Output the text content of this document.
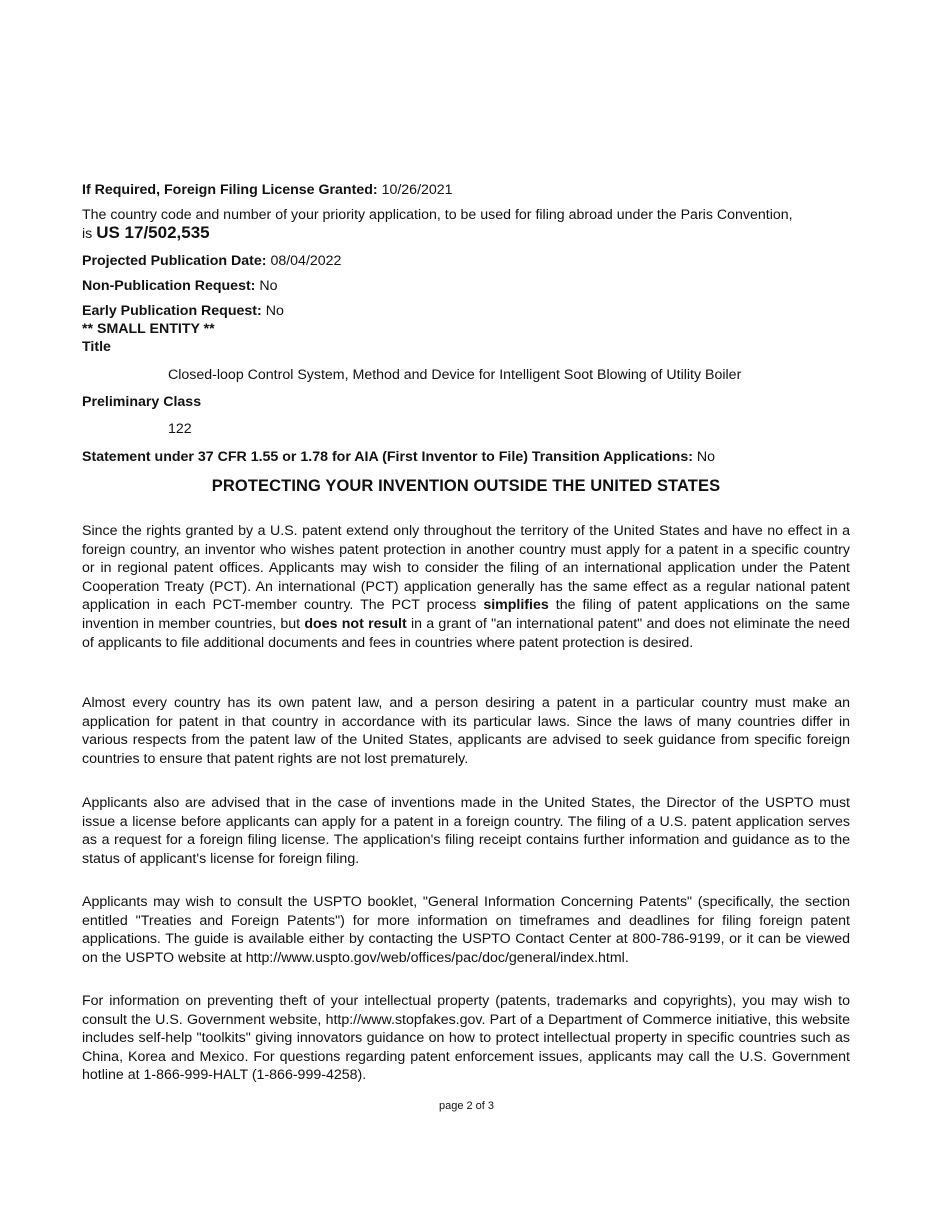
If Required, Foreign Filing License Granted: 10/26/2021
The country code and number of your priority application, to be used for filing abroad under the Paris Convention,
is US 17/502,535
Projected Publication Date: 08/04/2022
Non-Publication Request: No
Early Publication Request: No
** SMALL ENTITY **
Title
Closed-loop Control System, Method and Device for Intelligent Soot Blowing of Utility Boiler
Preliminary Class
122
Statement under 37 CFR 1.55 or 1.78 for AIA (First Inventor to File) Transition Applications: No
PROTECTING YOUR INVENTION OUTSIDE THE UNITED STATES
Since the rights granted by a U.S. patent extend only throughout the territory of the United States and have no effect in a foreign country, an inventor who wishes patent protection in another country must apply for a patent in a specific country or in regional patent offices. Applicants may wish to consider the filing of an international application under the Patent Cooperation Treaty (PCT). An international (PCT) application generally has the same effect as a regular national patent application in each PCT-member country. The PCT process simplifies the filing of patent applications on the same invention in member countries, but does not result in a grant of "an international patent" and does not eliminate the need of applicants to file additional documents and fees in countries where patent protection is desired.
Almost every country has its own patent law, and a person desiring a patent in a particular country must make an application for patent in that country in accordance with its particular laws. Since the laws of many countries differ in various respects from the patent law of the United States, applicants are advised to seek guidance from specific foreign countries to ensure that patent rights are not lost prematurely.
Applicants also are advised that in the case of inventions made in the United States, the Director of the USPTO must issue a license before applicants can apply for a patent in a foreign country. The filing of a U.S. patent application serves as a request for a foreign filing license. The application's filing receipt contains further information and guidance as to the status of applicant's license for foreign filing.
Applicants may wish to consult the USPTO booklet, "General Information Concerning Patents" (specifically, the section entitled "Treaties and Foreign Patents") for more information on timeframes and deadlines for filing foreign patent applications. The guide is available either by contacting the USPTO Contact Center at 800-786-9199, or it can be viewed on the USPTO website at http://www.uspto.gov/web/offices/pac/doc/general/index.html.
For information on preventing theft of your intellectual property (patents, trademarks and copyrights), you may wish to consult the U.S. Government website, http://www.stopfakes.gov. Part of a Department of Commerce initiative, this website includes self-help "toolkits" giving innovators guidance on how to protect intellectual property in specific countries such as China, Korea and Mexico. For questions regarding patent enforcement issues, applicants may call the U.S. Government hotline at 1-866-999-HALT (1-866-999-4258).
page 2 of 3
